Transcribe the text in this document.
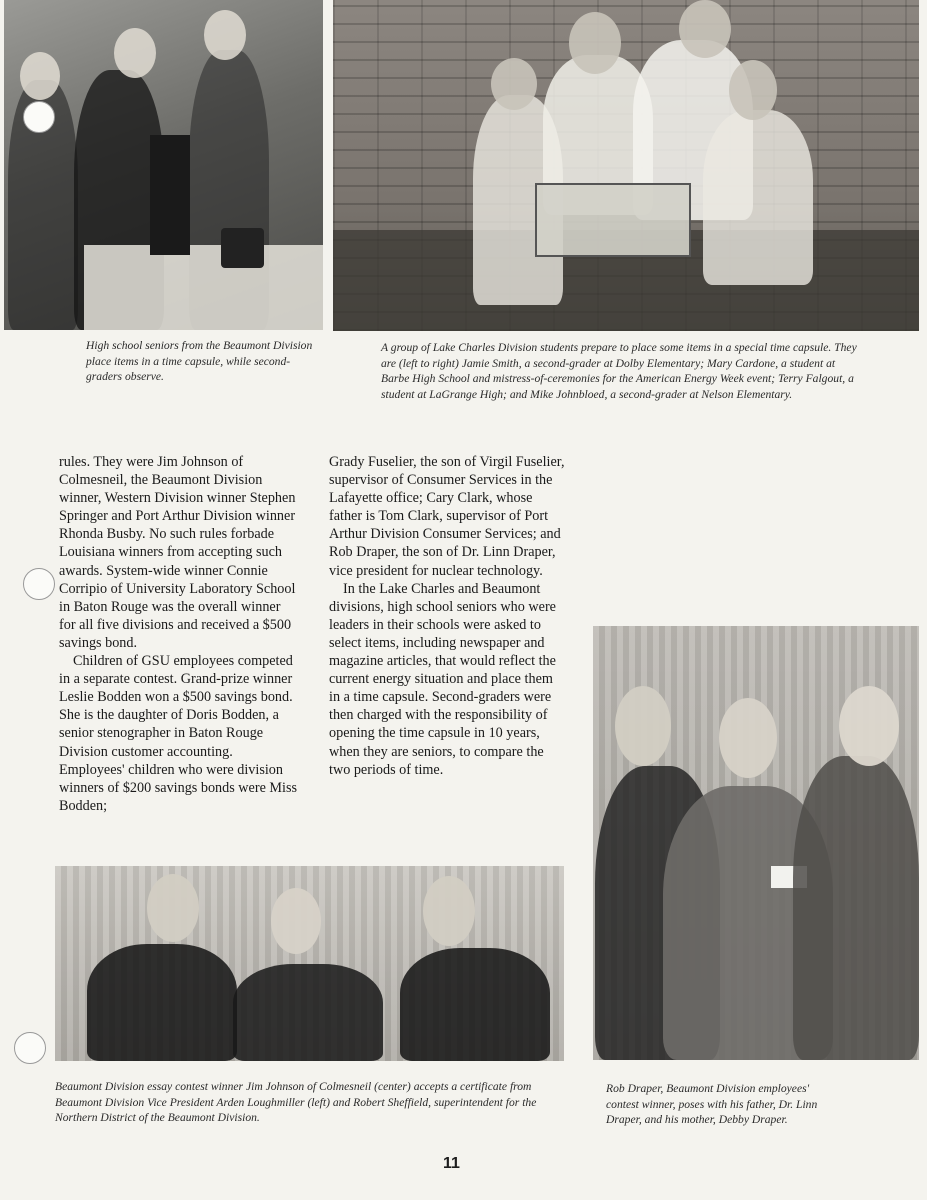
High school seniors from the Beaumont Division place items in a time capsule, while second-graders observe.
A group of Lake Charles Division students prepare to place some items in a special time capsule. They are (left to right) Jamie Smith, a second-grader at Dolby Elementary; Mary Cardone, a student at Barbe High School and mistress-of-ceremonies for the American Energy Week event; Terry Falgout, a student at LaGrange High; and Mike Johnbloed, a second-grader at Nelson Elementary.

rules. They were Jim Johnson of Colmesneil, the Beaumont Division winner, Western Division winner Stephen Springer and Port Arthur Division winner Rhonda Busby. No such rules forbade Louisiana winners from accepting such awards. System-wide winner Connie Corripio of University Laboratory School in Baton Rouge was the overall winner for all five divisions and received a $500 savings bond.

Children of GSU employees competed in a separate contest. Grand-prize winner Leslie Bodden won a $500 savings bond. She is the daughter of Doris Bodden, a senior stenographer in Baton Rouge Division customer accounting. Employees' children who were division winners of $200 savings bonds were Miss Bodden;

Grady Fuselier, the son of Virgil Fuselier, supervisor of Consumer Services in the Lafayette office; Cary Clark, whose father is Tom Clark, supervisor of Port Arthur Division Consumer Services; and Rob Draper, the son of Dr. Linn Draper, vice president for nuclear technology.

In the Lake Charles and Beaumont divisions, high school seniors who were leaders in their schools were asked to select items, including newspaper and magazine articles, that would reflect the current energy situation and place them in a time capsule. Second-graders were then charged with the responsibility of opening the time capsule in 10 years, when they are seniors, to compare the two periods of time.

Beaumont Division essay contest winner Jim Johnson of Colmesneil (center) accepts a certificate from Beaumont Division Vice President Arden Loughmiller (left) and Robert Sheffield, superintendent for the Northern District of the Beaumont Division.
Rob Draper, Beaumont Division employees' contest winner, poses with his father, Dr. Linn Draper, and his mother, Debby Draper.
11
